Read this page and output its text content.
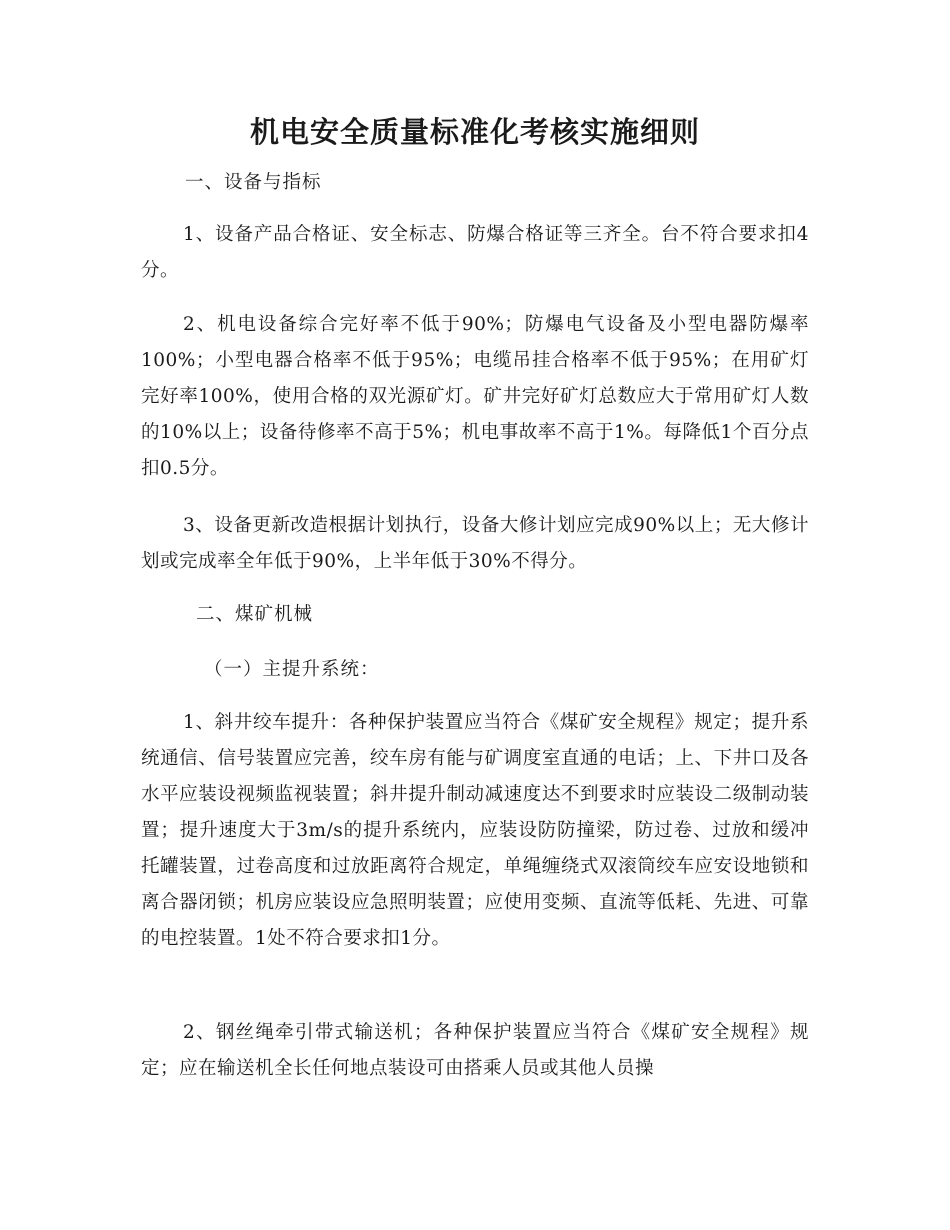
机电安全质量标准化考核实施细则

一、设备与指标

1、设备产品合格证、安全标志、防爆合格证等三齐全。台不符合要求扣4分。

2、机电设备综合完好率不低于90%；防爆电气设备及小型电器防爆率100%；小型电器合格率不低于95%；电缆吊挂合格率不低于95%；在用矿灯完好率100%，使用合格的双光源矿灯。矿井完好矿灯总数应大于常用矿灯人数的10%以上；设备待修率不高于5%；机电事故率不高于1%。每降低1个百分点扣0.5分。

3、设备更新改造根据计划执行，设备大修计划应完成90%以上；无大修计划或完成率全年低于90%，上半年低于30%不得分。

二、煤矿机械

（一）主提升系统：

1、斜井绞车提升：各种保护装置应当符合《煤矿安全规程》规定；提升系统通信、信号装置应完善，绞车房有能与矿调度室直通的电话；上、下井口及各水平应装设视频监视装置；斜井提升制动减速度达不到要求时应装设二级制动装置；提升速度大于3m/s的提升系统内，应装设防防撞梁，防过卷、过放和缓冲托罐装置，过卷高度和过放距离符合规定，单绳缠绕式双滚筒绞车应安设地锁和离合器闭锁；机房应装设应急照明装置；应使用变频、直流等低耗、先进、可靠的电控装置。1处不符合要求扣1分。

2、钢丝绳牵引带式输送机；各种保护装置应当符合《煤矿安全规程》规定；应在输送机全长任何地点装设可由搭乘人员或其他人员操
